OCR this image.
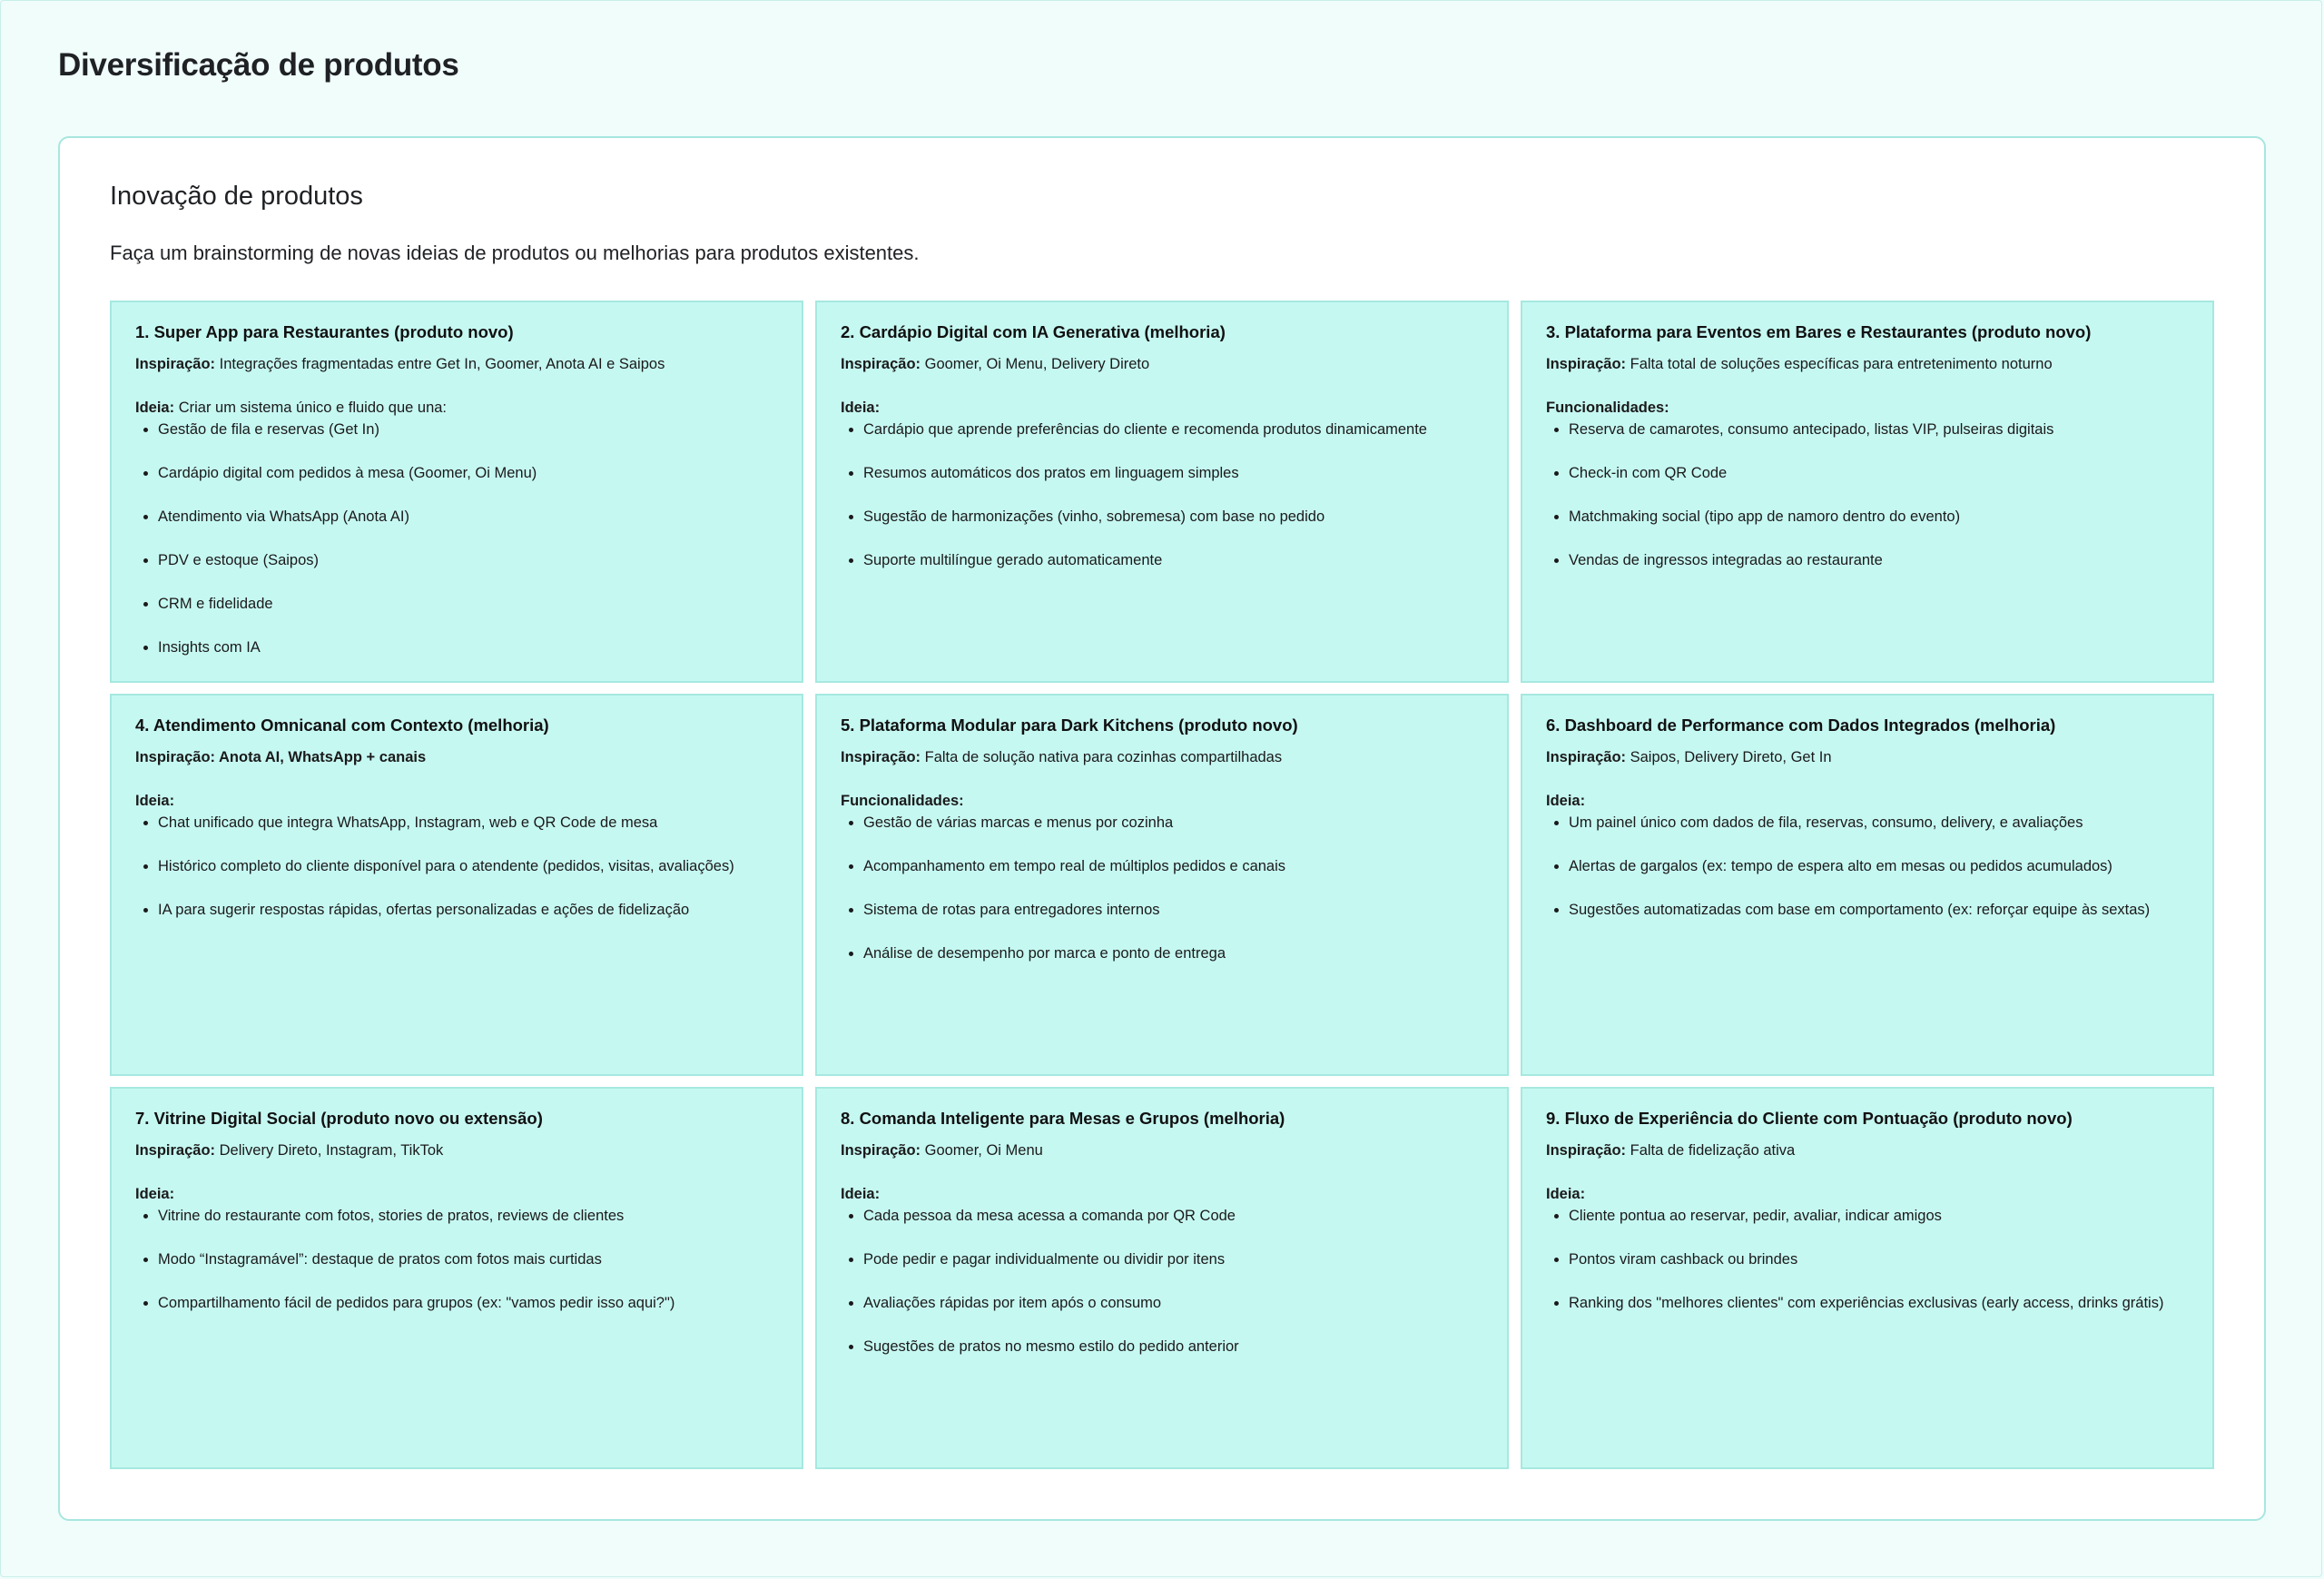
Diversificação de produtos
Inovação de produtos

Faça um brainstorming de novas ideias de produtos ou melhorias para produtos existentes.

1. Super App para Restaurantes (produto novo)

Inspiração: Integrações fragmentadas entre Get In, Goomer, Anota AI e Saipos

Ideia: Criar um sistema único e fluido que una:

Gestão de fila e reservas (Get In)
Cardápio digital com pedidos à mesa (Goomer, Oi Menu)
Atendimento via WhatsApp (Anota AI)
PDV e estoque (Saipos)
CRM e fidelidade
Insights com IA
2. Cardápio Digital com IA Generativa (melhoria)

Inspiração: Goomer, Oi Menu, Delivery Direto

Ideia:

Cardápio que aprende preferências do cliente e recomenda produtos dinamicamente
Resumos automáticos dos pratos em linguagem simples
Sugestão de harmonizações (vinho, sobremesa) com base no pedido
Suporte multilíngue gerado automaticamente
3. Plataforma para Eventos em Bares e Restaurantes (produto novo)

Inspiração: Falta total de soluções específicas para entretenimento noturno

Funcionalidades:

Reserva de camarotes, consumo antecipado, listas VIP, pulseiras digitais
Check-in com QR Code
Matchmaking social (tipo app de namoro dentro do evento)
Vendas de ingressos integradas ao restaurante
4. Atendimento Omnicanal com Contexto (melhoria)

Inspiração: Anota AI, WhatsApp + canais

Ideia:

Chat unificado que integra WhatsApp, Instagram, web e QR Code de mesa
Histórico completo do cliente disponível para o atendente (pedidos, visitas, avaliações)
IA para sugerir respostas rápidas, ofertas personalizadas e ações de fidelização
5. Plataforma Modular para Dark Kitchens (produto novo)

Inspiração: Falta de solução nativa para cozinhas compartilhadas

Funcionalidades:

Gestão de várias marcas e menus por cozinha
Acompanhamento em tempo real de múltiplos pedidos e canais
Sistema de rotas para entregadores internos
Análise de desempenho por marca e ponto de entrega
6. Dashboard de Performance com Dados Integrados (melhoria)

Inspiração: Saipos, Delivery Direto, Get In

Ideia:

Um painel único com dados de fila, reservas, consumo, delivery, e avaliações
Alertas de gargalos (ex: tempo de espera alto em mesas ou pedidos acumulados)
Sugestões automatizadas com base em comportamento (ex: reforçar equipe às sextas)
7. Vitrine Digital Social (produto novo ou extensão)

Inspiração: Delivery Direto, Instagram, TikTok

Ideia:

Vitrine do restaurante com fotos, stories de pratos, reviews de clientes
Modo “Instagramável”: destaque de pratos com fotos mais curtidas
Compartilhamento fácil de pedidos para grupos (ex: "vamos pedir isso aqui?")
8. Comanda Inteligente para Mesas e Grupos (melhoria)

Inspiração: Goomer, Oi Menu

Ideia:

Cada pessoa da mesa acessa a comanda por QR Code
Pode pedir e pagar individualmente ou dividir por itens
Avaliações rápidas por item após o consumo
Sugestões de pratos no mesmo estilo do pedido anterior
9. Fluxo de Experiência do Cliente com Pontuação (produto novo)

Inspiração: Falta de fidelização ativa

Ideia:

Cliente pontua ao reservar, pedir, avaliar, indicar amigos
Pontos viram cashback ou brindes
Ranking dos "melhores clientes" com experiências exclusivas (early access, drinks grátis)
